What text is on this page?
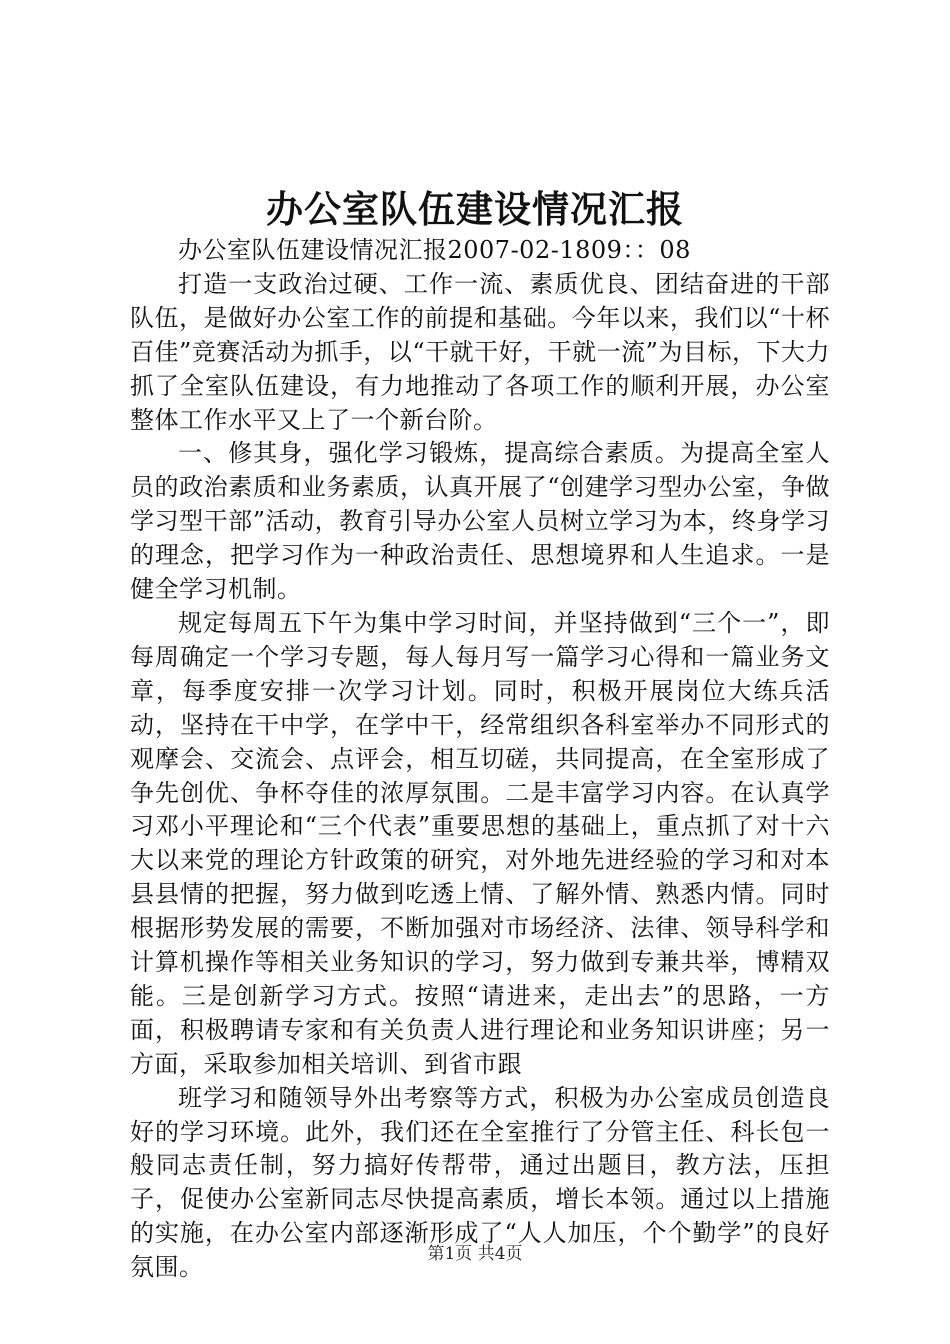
办公室队伍建设情况汇报

办公室队伍建设情况汇报2007-02-1809：：08

打造一支政治过硬、工作一流、素质优良、团结奋进的干部队伍，是做好办公室工作的前提和基础。今年以来，我们以“十杯百佳”竞赛活动为抓手，以“干就干好，干就一流”为目标，下大力抓了全室队伍建设，有力地推动了各项工作的顺利开展，办公室整体工作水平又上了一个新台阶。

一、修其身，强化学习锻炼，提高综合素质。为提高全室人员的政治素质和业务素质，认真开展了“创建学习型办公室，争做学习型干部”活动，教育引导办公室人员树立学习为本，终身学习的理念，把学习作为一种政治责任、思想境界和人生追求。一是健全学习机制。

规定每周五下午为集中学习时间，并坚持做到“三个一”，即每周确定一个学习专题，每人每月写一篇学习心得和一篇业务文章，每季度安排一次学习计划。同时，积极开展岗位大练兵活动，坚持在干中学，在学中干，经常组织各科室举办不同形式的观摩会、交流会、点评会，相互切磋，共同提高，在全室形成了争先创优、争杯夺佳的浓厚氛围。二是丰富学习内容。在认真学习邓小平理论和“三个代表”重要思想的基础上，重点抓了对十六大以来党的理论方针政策的研究，对外地先进经验的学习和对本县县情的把握，努力做到吃透上情、了解外情、熟悉内情。同时根据形势发展的需要，不断加强对市场经济、法律、领导科学和计算机操作等相关业务知识的学习，努力做到专兼共举，博精双能。三是创新学习方式。按照“请进来，走出去”的思路，一方面，积极聘请专家和有关负责人进行理论和业务知识讲座；另一方面，采取参加相关培训、到省市跟

班学习和随领导外出考察等方式，积极为办公室成员创造良好的学习环境。此外，我们还在全室推行了分管主任、科长包一般同志责任制，努力搞好传帮带，通过出题目，教方法，压担子，促使办公室新同志尽快提高素质，增长本领。通过以上措施的实施，在办公室内部逐渐形成了“人人加压，个个勤学”的良好氛围。	第1页 共4页
